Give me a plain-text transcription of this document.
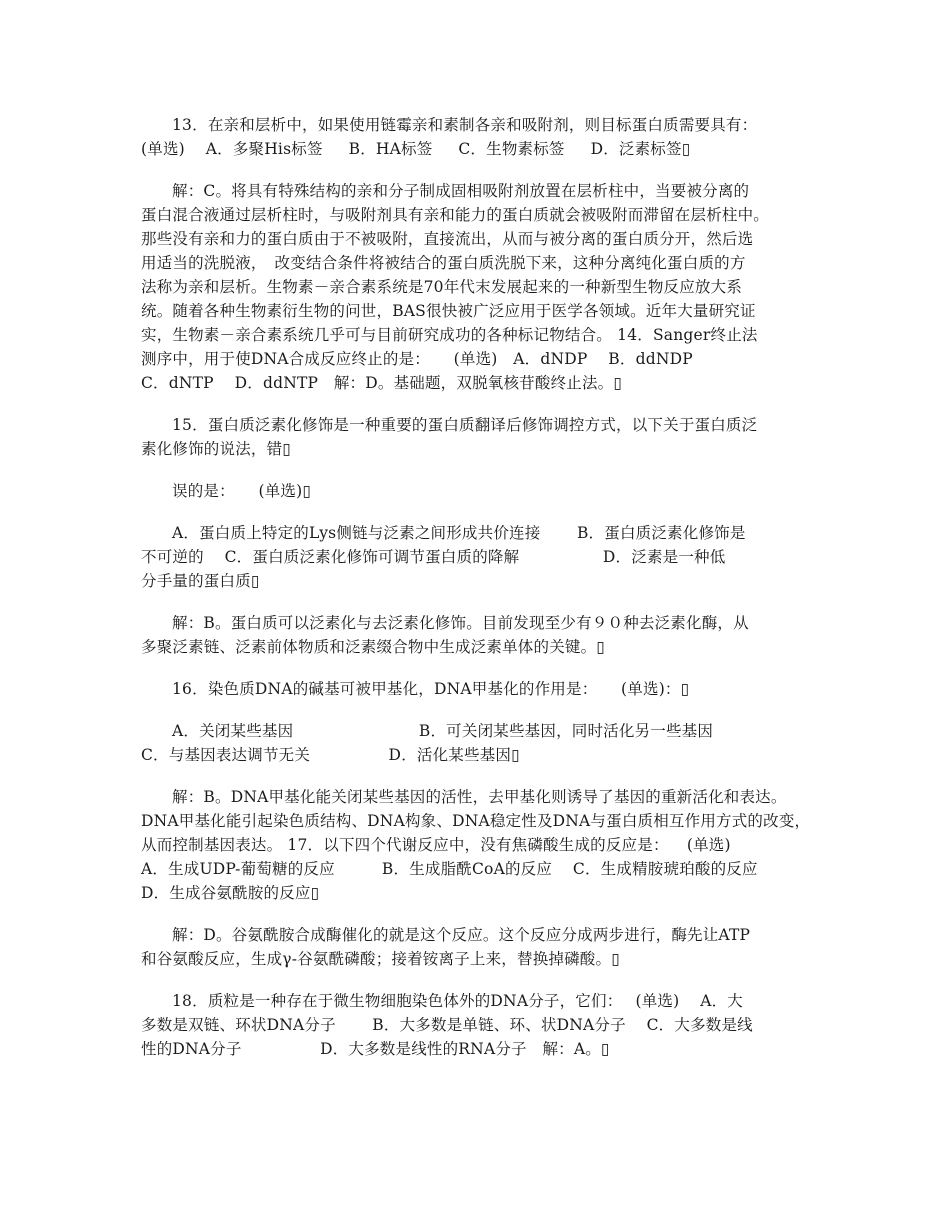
13．在亲和层析中，如果使用链霉亲和素制各亲和吸附剂，则目标蛋白质需要具有：
(单选)　 A．多聚His标签　  B．HA标签　  C．生物素标签　  D．泛素标签▯
解：C。将具有特殊结构的亲和分子制成固相吸附剂放置在层析柱中，当要被分离的
蛋白混合液通过层析柱时，与吸附剂具有亲和能力的蛋白质就会被吸附而滞留在层析柱中。
那些没有亲和力的蛋白质由于不被吸附，直接流出，从而与被分离的蛋白质分开，然后选
用适当的洗脱液，　改变结合条件将被结合的蛋白质洗脱下来，这种分离纯化蛋白质的方
法称为亲和层析。生物素－亲合素系统是70年代末发展起来的一种新型生物反应放大系
统。随着各种生物素衍生物的问世，BAS很快被广泛应用于医学各领域。近年大量研究证
实，生物素－亲合素系统几乎可与目前研究成功的各种标记物结合。 14．Sanger终止法
测序中，用于使DNA合成反应终止的是：　　(单选)　A．dNDP　 B．ddNDP
C．dNTP　 D．ddNTP　解：D。基础题，双脱氧核苷酸终止法。▯
15．蛋白质泛素化修饰是一种重要的蛋白质翻译后修饰调控方式，以下关于蛋白质泛
素化修饰的说法，错▯
误的是：　　(单选)▯
A．蛋白质上特定的Lys侧链与泛素之间形成共价连接　　 B．蛋白质泛素化修饰是
不可逆的　 C．蛋白质泛素化修饰可调节蛋白质的降解　　　　　 D．泛素是一种低
分手量的蛋白质▯
解：B。蛋白质可以泛素化与去泛素化修饰。目前发现至少有９０种去泛素化酶，从
多聚泛素链、泛素前体物质和泛素缀合物中生成泛素单体的关键。▯
16．染色质DNA的碱基可被甲基化，DNA甲基化的作用是：　　(单选)：▯
A．关闭某些基因　　　　　　　　B．可关闭某些基因，同时活化另一些基因
C．与基因表达调节无关　　　　　D．活化某些基因▯
解：B。DNA甲基化能关闭某些基因的活性，去甲基化则诱导了基因的重新活化和表达。
DNA甲基化能引起染色质结构、DNA构象、DNA稳定性及DNA与蛋白质相互作用方式的改变，
从而控制基因表达。 17．以下四个代谢反应中，没有焦磷酸生成的反应是：　  (单选)
A．生成UDP-葡萄糖的反应　　　B．生成脂酰CoA的反应　 C．生成精胺琥珀酸的反应
D．生成谷氨酰胺的反应▯
解：D。谷氨酰胺合成酶催化的就是这个反应。这个反应分成两步进行，酶先让ATP
和谷氨酸反应，生成γ-谷氨酰磷酸；接着铵离子上来，替换掉磷酸。▯
18．质粒是一种存在于微生物细胞染色体外的DNA分子，它们：　 (单选)　 A．大
多数是双链、环状DNA分子　　 B．大多数是单链、环、状DNA分子　 C．大多数是线
性的DNA分子　　　　　D．大多数是线性的RNA分子　解：A。▯
